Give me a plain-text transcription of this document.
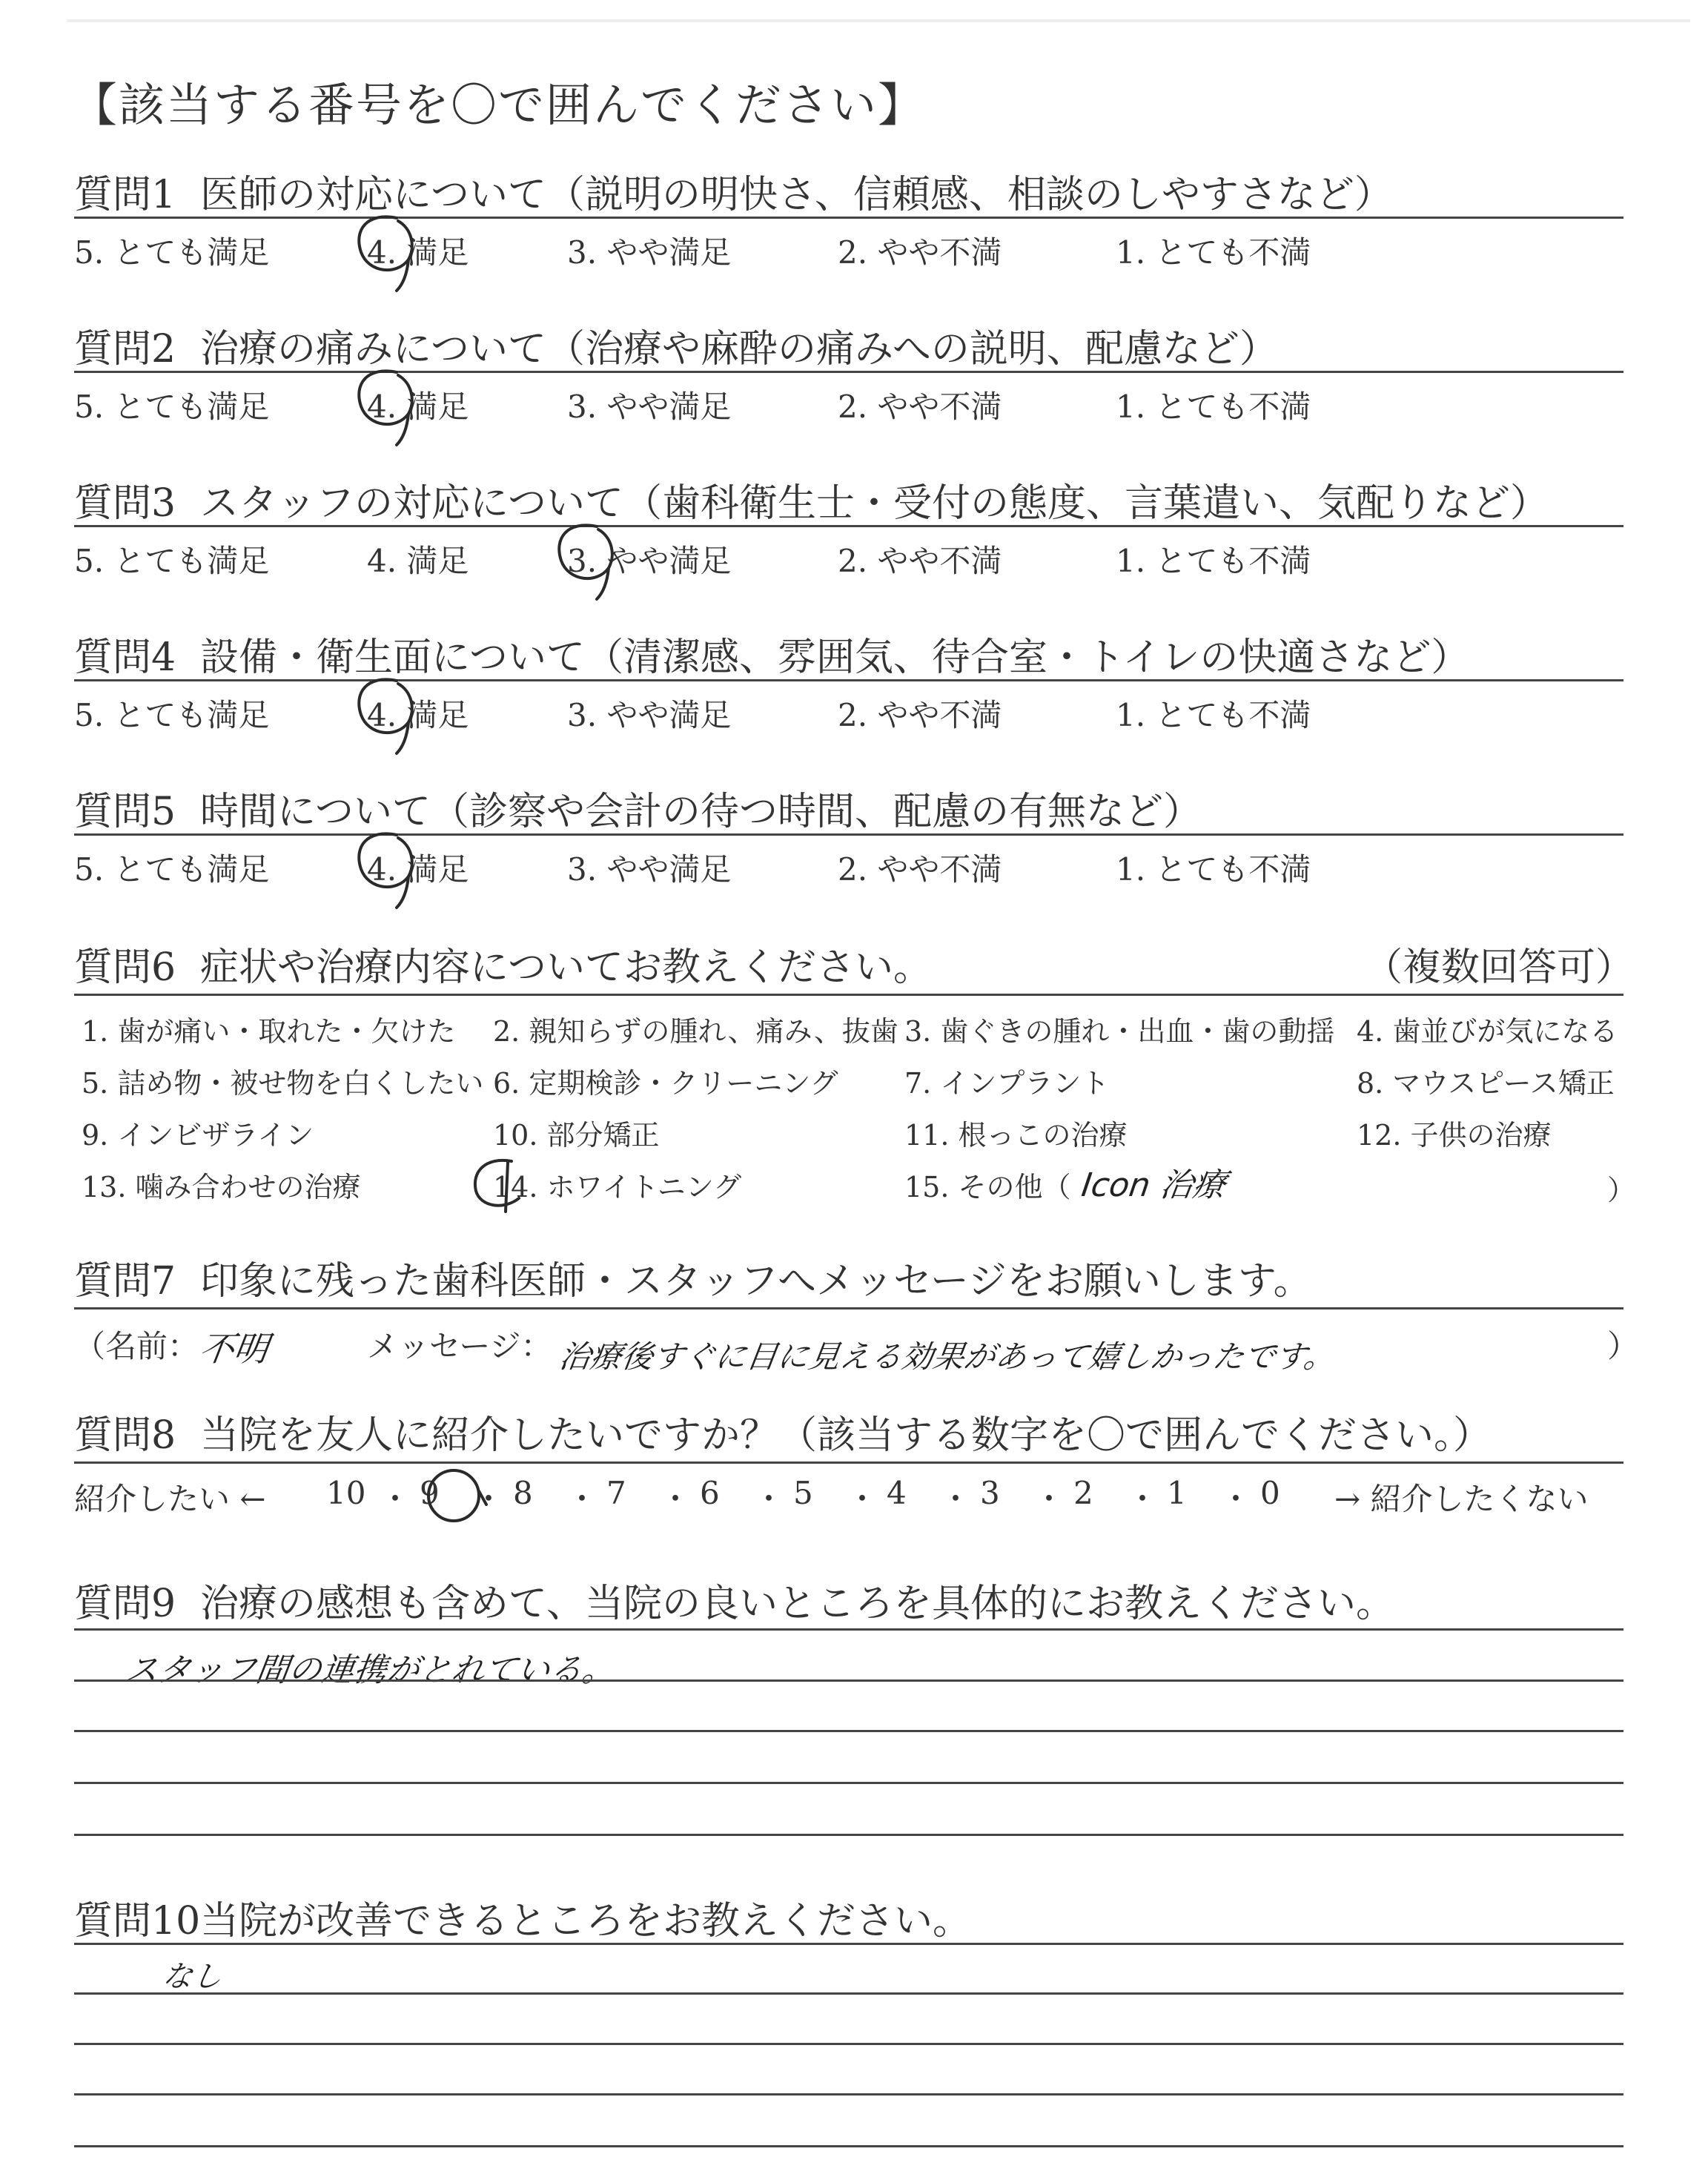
【該当する番号を〇で囲んでください】
質問1 医師の対応について（説明の明快さ、信頼感、相談のしやすさなど）
5. とても満足	4. 満足	3. やや満足	2. やや不満	1. とても不満
質問2 治療の痛みについて（治療や麻酔の痛みへの説明、配慮など）
5. とても満足	4. 満足	3. やや満足	2. やや不満	1. とても不満
質問3 スタッフの対応について（歯科衛生士・受付の態度、言葉遣い、気配りなど）
5. とても満足	4. 満足	3. やや満足	2. やや不満	1. とても不満
質問4 設備・衛生面について（清潔感、雰囲気、待合室・トイレの快適さなど）
5. とても満足	4. 満足	3. やや満足	2. やや不満	1. とても不満
質問5 時間について（診察や会計の待つ時間、配慮の有無など）
5. とても満足	4. 満足	3. やや満足	2. やや不満	1. とても不満
質問6 症状や治療内容についてお教えください。	（複数回答可）
1. 歯が痛い・取れた・欠けた 2. 親知らずの腫れ、痛み、抜歯 3. 歯ぐきの腫れ・出血・歯の動揺 4. 歯並びが気になる
5. 詰め物・被せ物を白くしたい 6. 定期検診・クリーニング 7. インプラント	8. マウスピース矯正
9. インビザライン	10. 部分矯正	11. 根っこの治療	12. 子供の治療
13. 噛み合わせの治療	14. ホワイトニング	15. その他（ Icon 治療	）
質問7 印象に残った歯科医師・スタッフへメッセージをお願いします。
（名前：
不明	メッセージ： 治療後すぐに目に見える効果があって嬉しかったです。	）
質問8 当院を友人に紹介したいですか？（該当する数字を〇で囲んでください。）
紹介したい ← 10 ・ 9 ・ 8 ・ 7 ・ 6 ・ 5 ・ 4 ・ 3 ・ 2 ・ 1 ・ 0 → 紹介したくない
質問9 治療の感想も含めて、当院の良いところを具体的にお教えください。
スタッフ間の連携がとれている。
質問10当院が改善できるところをお教えください。
なし
